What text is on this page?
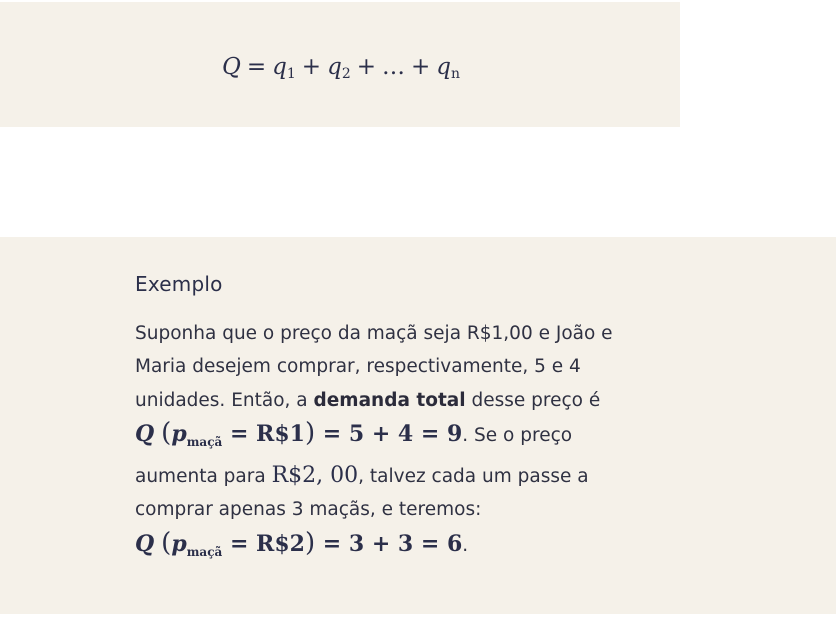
$Q = q_1 + q_2$ + … + $q_n$
Exemplo
Suponha que o preço da maçã seja R$1,00 e João e
Maria desejem comprar, respectivamente, 5 e 4
unidades. Então, a demanda total desse preço é
Q ($p_{maçã}$ = R$1) = 5 + 4 = 9. Se o preço
aumenta para R$2, 00, talvez cada um passe a
comprar apenas 3 maçãs, e teremos:
Q ($p_{maçã}$ = R$2) = 3 + 3 = 6.
